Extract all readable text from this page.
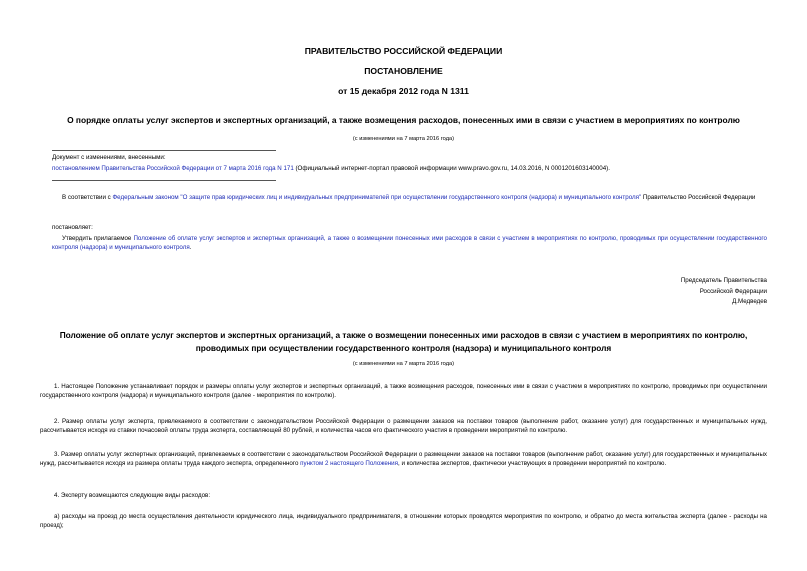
ПРАВИТЕЛЬСТВО РОССИЙСКОЙ ФЕДЕРАЦИИ
ПОСТАНОВЛЕНИЕ
от 15 декабря 2012 года N 1311
О порядке оплаты услуг экспертов и экспертных организаций, а также возмещения расходов, понесенных ими в связи с участием в мероприятиях по контролю
(с изменениями на 7 марта 2016 года)
Документ с изменениями, внесенными:
постановлением Правительства Российской Федерации от 7 марта 2016 года N 171 (Официальный интернет-портал правовой информации www.pravo.gov.ru, 14.03.2016, N 0001201603140004).
В соответствии с Федеральным законом "О защите прав юридических лиц и индивидуальных предпринимателей при осуществлении государственного контроля (надзора) и муниципального контроля" Правительство Российской Федерации
постановляет:
Утвердить прилагаемое Положение об оплате услуг экспертов и экспертных организаций, а также о возмещении понесенных ими расходов в связи с участием в мероприятиях по контролю, проводимых при осуществлении государственного контроля (надзора) и муниципального контроля.
Председатель Правительства
Российской Федерации
Д.Медведев
Положение об оплате услуг экспертов и экспертных организаций, а также о возмещении понесенных ими расходов в связи с участием в мероприятиях по контролю, проводимых при осуществлении государственного контроля (надзора) и муниципального контроля
(с изменениями на 7 марта 2016 года)
1. Настоящее Положение устанавливает порядок и размеры оплаты услуг экспертов и экспертных организаций, а также возмещения расходов, понесенных ими в связи с участием в мероприятиях по контролю, проводимых при осуществлении государственного контроля (надзора) и муниципального контроля (далее - мероприятия по контролю).
2. Размер оплаты услуг эксперта, привлекаемого в соответствии с законодательством Российской Федерации о размещении заказов на поставки товаров (выполнение работ, оказание услуг) для государственных и муниципальных нужд, рассчитывается исходя из ставки почасовой оплаты труда эксперта, составляющей 80 рублей, и количества часов его фактического участия в проведении мероприятий по контролю.
3. Размер оплаты услуг экспертных организаций, привлекаемых в соответствии с законодательством Российской Федерации о размещении заказов на поставки товаров (выполнение работ, оказание услуг) для государственных и муниципальных нужд, рассчитывается исходя из размера оплаты труда каждого эксперта, определенного пунктом 2 настоящего Положения, и количества экспертов, фактически участвующих в проведении мероприятий по контролю.
4. Эксперту возмещаются следующие виды расходов:
а) расходы на проезд до места осуществления деятельности юридического лица, индивидуального предпринимателя, в отношении которых проводятся мероприятия по контролю, и обратно до места жительства эксперта (далее - расходы на проезд);
